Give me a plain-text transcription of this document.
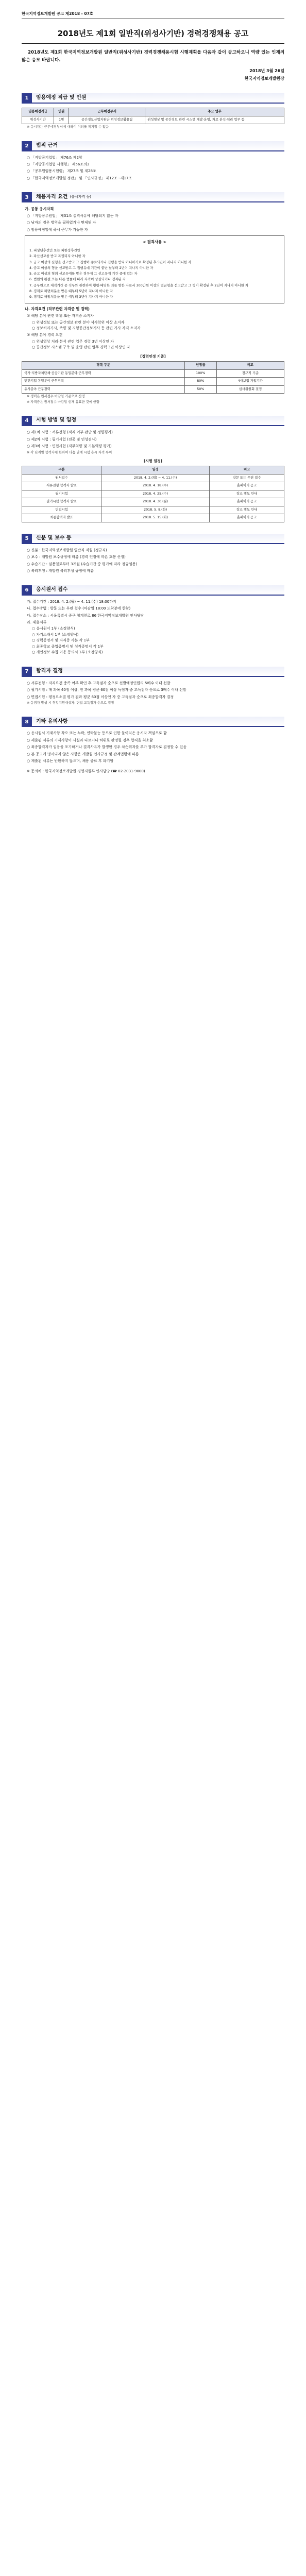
한국지역정보개발원 공고 제2018 - 07호
2018년도 제1회 일반직(위성사기반) 경력경쟁채용 공고
2018년도 제1회 한국지역정보개발원 일반직(위성사기반) 경력경쟁채용시험 시행계획을 다음과 같이 공고하오니 역량 있는 인재의 많은 응모 바랍니다.
2018년 3월 26일
한국지역정보개발원장
1	임용예정 직급 및 인원
임용예정직급	인원	근무예정부서	주요 업무
위성사기반	1명	공간정보산업지원단 위성정보활용팀	위성영상 및 공간정보 관련 시스템 개발·운영, 자료 분석·처리 업무 등

※ 응시자는 근무예정부서에 대하여 이의를 제기할 수 없음

2	법적 근거

○ 「지방공기업법」 제76조 제2항

○ 「지방공기업법 시행령」 제56조의3

○ 「공무원임용시험령」 제27조 및 제28조

○ 「한국지역정보개발원 정관」 및 「인사규정」 제12조~제17조

3	채용자격 요건 (응시자격 등)

가. 공통 응시자격

○ 「지방공무원법」 제31조 결격사유에 해당되지 않는 자

○ 남자의 경우 병역을 필하였거나 면제된 자

○ 임용예정일에 즉시 근무가 가능한 자

< 결격사유 >

1. 피성년후견인 또는 피한정후견인

2. 파산선고를 받고 복권되지 아니한 자

3. 금고 이상의 실형을 선고받고 그 집행이 종료되거나 집행을 받지 아니하기로 확정된 후 5년이 지나지 아니한 자

4. 금고 이상의 형을 선고받고 그 집행유예 기간이 끝난 날부터 2년이 지나지 아니한 자

5. 금고 이상의 형의 선고유예를 받은 경우에 그 선고유예 기간 중에 있는 자

6. 법원의 판결 또는 다른 법률에 따라 자격이 상실되거나 정지된 자

7. 공무원으로 재직기간 중 직무와 관련하여 횡령·배임한 죄를 범한 자로서 300만원 이상의 벌금형을 선고받고 그 형이 확정된 후 2년이 지나지 아니한 자

8. 징계로 파면처분을 받은 때부터 5년이 지나지 아니한 자

9. 징계로 해임처분을 받은 때부터 3년이 지나지 아니한 자

나. 자격요건 (직무관련 자격증 및 경력)

① 해당 분야 관련 학위 또는 자격증 소지자

○ 위성정보 또는 공간정보 관련 분야 석사학위 이상 소지자

○ 정보처리기사, 측량 및 지형공간정보기사 등 관련 기사 자격 소지자

② 해당 분야 경력 요건

○ 위성영상 처리·분석 관련 업무 경력 3년 이상인 자

○ 공간정보 시스템 구축 및 운영 관련 업무 경력 3년 이상인 자

[경력인정 기준]
경력 구분	인정률	비고
국가·지방자치단체·공공기관 동일분야 근무경력	100%	정규직 기준
민간기업 동일분야 근무경력	80%	4대보험 가입기간
유사분야 근무경력	50%	심사위원회 결정

※ 경력은 원서접수 마감일 기준으로 산정

※ 자격증은 원서접수 마감일 현재 유효한 것에 한함

4	시험 방법 및 일정

○ 제1차 시험 : 서류전형 (적격 여부 판단 및 정량평가)

○ 제2차 시험 : 필기시험 (전공 및 인성검사)

○ 제3차 시험 : 면접시험 (직무역량 및 기본역량 평가)

※ 각 단계별 합격자에 한하여 다음 단계 시험 응시 자격 부여

[시험 일정]
구분	일정	비고
원서접수	2018. 4. 2.(월) ~ 4. 11.(수)	방문 또는 우편 접수
서류전형 합격자 발표	2018. 4. 18.(수)	홈페이지 공고
필기시험	2018. 4. 25.(수)	장소 별도 안내
필기시험 합격자 발표	2018. 4. 30.(월)	홈페이지 공고
면접시험	2018. 5. 8.(화)	장소 별도 안내
최종합격자 발표	2018. 5. 15.(화)	홈페이지 공고
5	신분 및 보수 등

○ 신분 : 한국지역정보개발원 일반직 직원 (정규직)

○ 보수 : 개발원 보수규정에 따름 (경력 인정에 따른 호봉 산정)

○ 수습기간 : 임용일로부터 3개월 (수습기간 중 평가에 따라 정규임용)

○ 복리후생 : 개발원 복리후생 규정에 따름

6	응시원서 접수

가. 접수기간 : 2018. 4. 2.(월) ~ 4. 11.(수) 18:00까지

나. 접수방법 : 방문 또는 우편 접수 (마감일 18:00 도착분에 한함)

다. 접수장소 : 서울특별시 중구 청계천로 86 한국지역정보개발원 인사담당

라. 제출서류

○ 응시원서 1부 (소정양식)

○ 자기소개서 1부 (소정양식)

○ 경력증명서 및 자격증 사본 각 1부

○ 최종학교 졸업증명서 및 성적증명서 각 1부

○ 개인정보 수집·이용 동의서 1부 (소정양식)

7	합격자 결정

○ 서류전형 : 자격요건 충족 여부 확인 후 고득점자 순으로 선발예정인원의 5배수 이내 선발

○ 필기시험 : 매 과목 40점 이상, 전 과목 평균 60점 이상 득점자 중 고득점자 순으로 3배수 이내 선발

○ 면접시험 : 평정요소별 평가 결과 평균 60점 이상인 자 중 고득점자 순으로 최종합격자 결정

※ 동점자 발생 시 취업지원대상자, 면접 고득점자 순으로 결정

8	기타 유의사항

○ 응시원서 기재사항 착오 또는 누락, 연락불능 등으로 인한 불이익은 응시자 책임으로 함

○ 제출된 서류의 기재사항이 사실과 다르거나 허위로 판명될 경우 합격을 취소함

○ 최종합격자가 임용을 포기하거나 결격사유가 발생한 경우 차순위자를 추가 합격자로 결정할 수 있음

○ 본 공고에 명시되지 않은 사항은 개발원 인사규정 및 관계법령에 따름

○ 제출된 서류는 반환하지 않으며, 채용 종료 후 파기함

※ 문의처 : 한국지역정보개발원 경영지원부 인사담당 (☎ 02-2031-9000)
